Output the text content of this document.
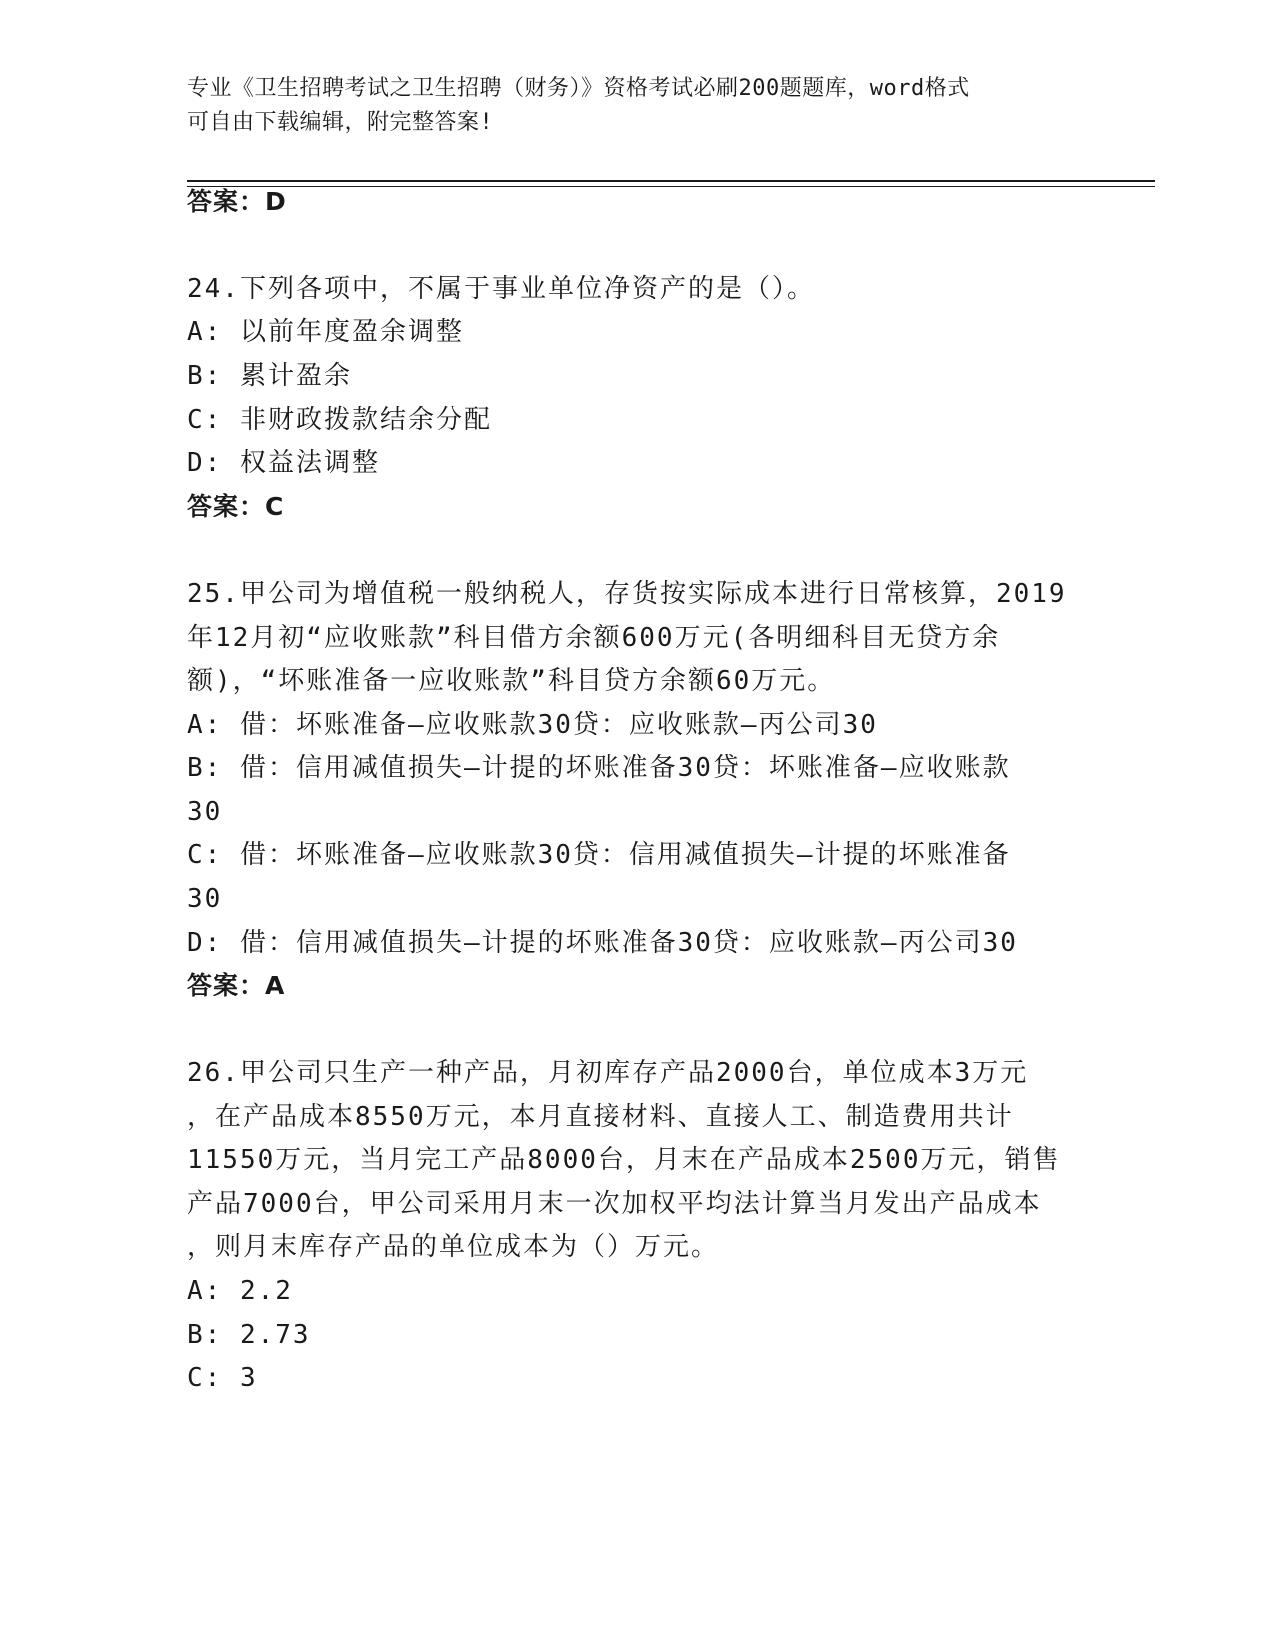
专业《卫生招聘考试之卫生招聘（财务）》资格考试必刷200题题库，word格式
可自由下载编辑，附完整答案!
答案：D
24.下列各项中，不属于事业单位净资产的是（）。
A: 以前年度盈余调整
B: 累计盈余
C: 非财政拨款结余分配
D: 权益法调整
答案：C
25.甲公司为增值税一般纳税人，存货按实际成本进行日常核算，2019
年12月初“应收账款”科目借方余额600万元(各明细科目无贷方余
额)，“坏账准备一应收账款”科目贷方余额60万元。
A: 借：坏账准备—应收账款30贷：应收账款—丙公司30
B: 借：信用减值损失—计提的坏账准备30贷：坏账准备—应收账款
30
C: 借：坏账准备—应收账款30贷：信用减值损失—计提的坏账准备
30
D: 借：信用减值损失—计提的坏账准备30贷：应收账款—丙公司30
答案：A
26.甲公司只生产一种产品，月初库存产品2000台，单位成本3万元
，在产品成本8550万元，本月直接材料、直接人工、制造费用共计
11550万元，当月完工产品8000台，月末在产品成本2500万元，销售
产品7000台，甲公司采用月末一次加权平均法计算当月发出产品成本
，则月末库存产品的单位成本为（）万元。
A: 2.2
B: 2.73
C: 3
